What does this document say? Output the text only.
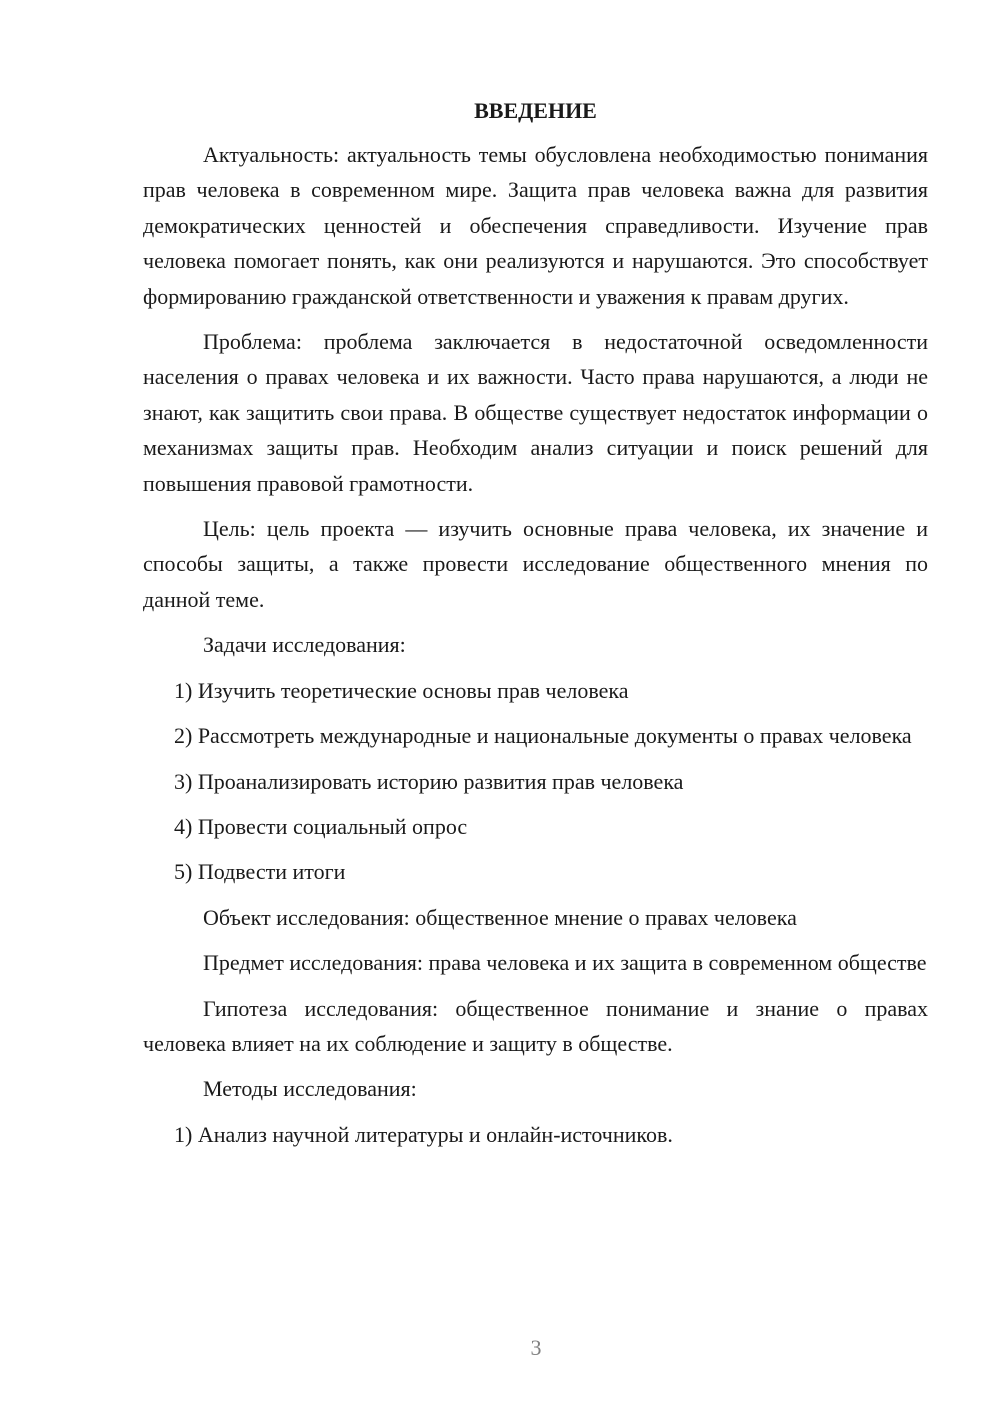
ВВЕДЕНИЕ

Актуальность: актуальность темы обусловлена необходимостью понимания прав человека в современном мире. Защита прав человека важна для развития демократических ценностей и обеспечения справедливости. Изучение прав человека помогает понять, как они реализуются и нарушаются. Это способствует формированию гражданской ответственности и уважения к правам других.

Проблема: проблема заключается в недостаточной осведомленности населения о правах человека и их важности. Часто права нарушаются, а люди не знают, как защитить свои права. В обществе существует недостаток информации о механизмах защиты прав. Необходим анализ ситуации и поиск решений для повышения правовой грамотности.

Цель: цель проекта — изучить основные права человека, их значение и способы защиты, а также провести исследование общественного мнения по данной теме.

Задачи исследования:

1) Изучить теоретические основы прав человека

2) Рассмотреть международные и национальные документы о правах человека

3) Проанализировать историю развития прав человека

4) Провести социальный опрос

5) Подвести итоги

Объект исследования: общественное мнение о правах человека

Предмет исследования: права человека и их защита в современном обществе

Гипотеза исследования: общественное понимание и знание о правах человека влияет на их соблюдение и защиту в обществе.

Методы исследования:

1) Анализ научной литературы и онлайн-источников.

3
